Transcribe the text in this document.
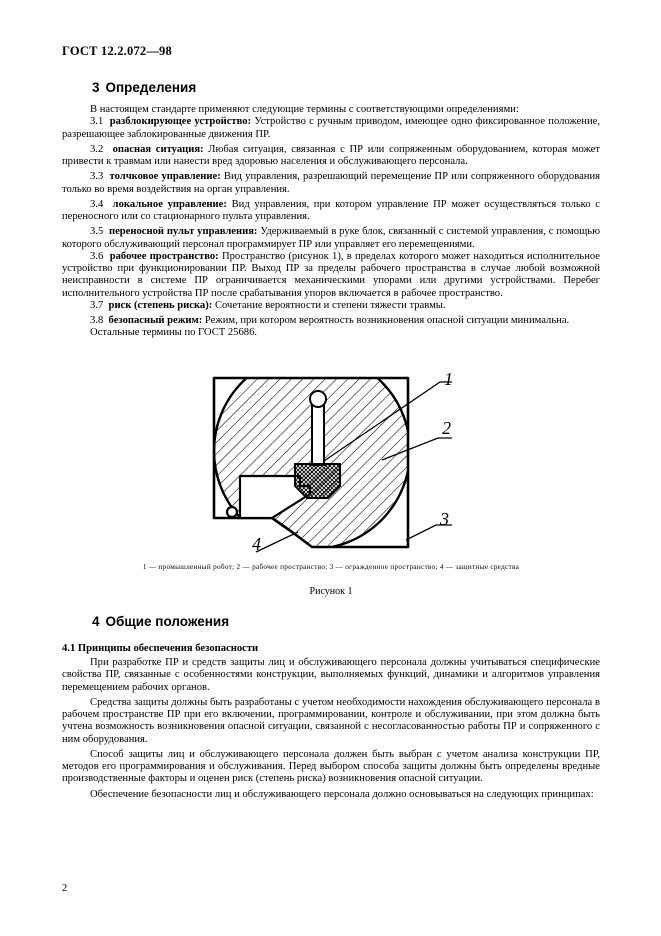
ГОСТ 12.2.072—98
3 Определения

В настоящем стандарте применяют следующие термины с соответствующими определениями:

3.1 разблокирующее устройство: Устройство с ручным приводом, имеющее одно фиксированное положение, разрешающее заблокированные движения ПР.

3.2 опасная ситуация: Любая ситуация, связанная с ПР или сопряженным оборудованием, которая может привести к травмам или нанести вред здоровью населения и обслуживающего персонала.

3.3 толчковое управление: Вид управления, разрешающий перемещение ПР или сопряженного оборудования только во время воздействия на орган управления.

3.4 локальное управление: Вид управления, при котором управление ПР может осуществляться только с переносного или со стационарного пульта управления.

3.5 переносной пульт управления: Удерживаемый в руке блок, связанный с системой управления, с помощью которого обслуживающий персонал программирует ПР или управляет его перемещениями.

3.6 рабочее пространство: Пространство (рисунок 1), в пределах которого может находиться исполнительное устройство при функционировании ПР. Выход ПР за пределы рабочего пространства в случае любой возможной неисправности в системе ПР ограничивается механическими упорами или другими устройствами. Перебег исполнительного устройства ПР после срабатывания упоров включается в рабочее пространство.

3.7 риск (степень риска): Сочетание вероятности и степени тяжести травмы.

3.8 безопасный режим: Режим, при котором вероятность возникновения опасной ситуации минимальна.

Остальные термины по ГОСТ 25686.

1
2
3
4
1 — промышленный робот; 2 — рабочее пространство; 3 — огражденное пространство; 4 — защитные средства
Рисунок 1
4 Общие положения
4.1 Принципы обеспечения безопасности

При разработке ПР и средств защиты лиц и обслуживающего персонала должны учитываться специфические свойства ПР, связанные с особенностями конструкции, выполняемых функций, динамики и алгоритмов управления перемещением рабочих органов.

Средства защиты должны быть разработаны с учетом необходимости нахождения обслуживающего персонала в рабочем пространстве ПР при его включении, программировании, контроле и обслуживании, при этом должна быть учтена возможность возникновения опасной ситуации, связанной с несогласованностью работы ПР и сопряженного с ним оборудования.

Способ защиты лиц и обслуживающего персонала должен быть выбран с учетом анализа конструкции ПР, методов его программирования и обслуживания. Перед выбором способа защиты должны быть определены вредные производственные факторы и оценен риск (степень риска) возникновения опасной ситуации.

Обеспечение безопасности лиц и обслуживающего персонала должно основываться на следующих принципах:

2
